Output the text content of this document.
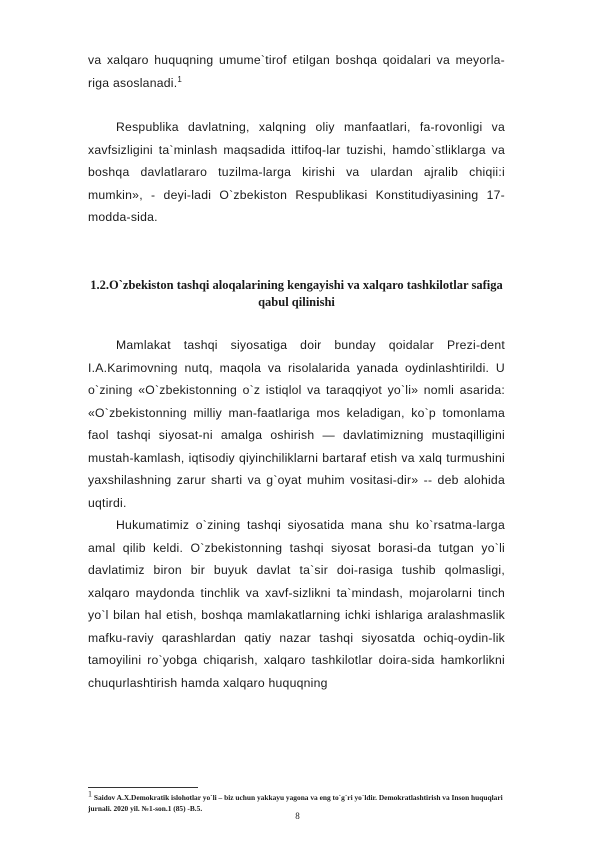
va xalqaro huquqning umume`tirof etilgan boshqa qoidalari va meyorla-riga asoslanadi.$^1$

Respublika davlatning, xalqning oliy manfaatlari, fa-rovonligi va xavfsizligini ta`minlash maqsadida ittifoq-lar tuzishi, hamdo`stliklarga va boshqa davlatlararo tuzilma-larga kirishi va ulardan ajralib chiqii:i mumkin», - deyi-ladi O`zbekiston Respublikasi Konstitudiyasining 17-modda-sida.

1.2.O`zbekiston tashqi aloqalarining kengayishi va xalqaro tashkilotlar safiga qabul qilinishi

Mamlakat tashqi siyosatiga doir bunday qoidalar Prezi-dent I.A.Karimovning nutq, maqola va risolalarida yanada oydinlashtirildi. U o`zining «O`zbekistonning o`z istiqlol va taraqqiyot yo`li» nomli asarida: «O`zbekistonning milliy man-faatlariga mos keladigan, ko`p tomonlama faol tashqi siyosat-ni amalga oshirish — davlatimizning mustaqilligini mustah-kamlash, iqtisodiy qiyinchiliklarni bartaraf etish va xalq turmushini yaxshilashning zarur sharti va g`oyat muhim vositasi-dir» -- deb alohida uqtirdi.

Hukumatimiz o`zining tashqi siyosatida mana shu ko`rsatma-larga amal qilib keldi. O`zbekistonning tashqi siyosat borasi-da tutgan yo`li davlatimiz biron bir buyuk davlat ta`sir doi-rasiga tushib qolmasligi, xalqaro maydonda tinchlik va xavf-sizlikni ta`mindash, mojarolarni tinch yo`l bilan hal etish, boshqa mamlakatlarning ichki ishlariga aralashmaslik mafku-raviy qarashlardan qatiy nazar tashqi siyosatda ochiq-oydin-lik tamoyilini ro`yobga chiqarish, xalqaro tashkilotlar doira-sida hamkorlikni chuqurlashtirish hamda xalqaro huquqning

$^1$ Saidov A.X.Demokratik islohotlar yo`li – biz uchun yakkayu yagona va eng to`g`ri yo`ldir. Demokratlashtirish va Inson huquqlari jurnali. 2020 yil. №1-son.1 (85) -B.5.

8
